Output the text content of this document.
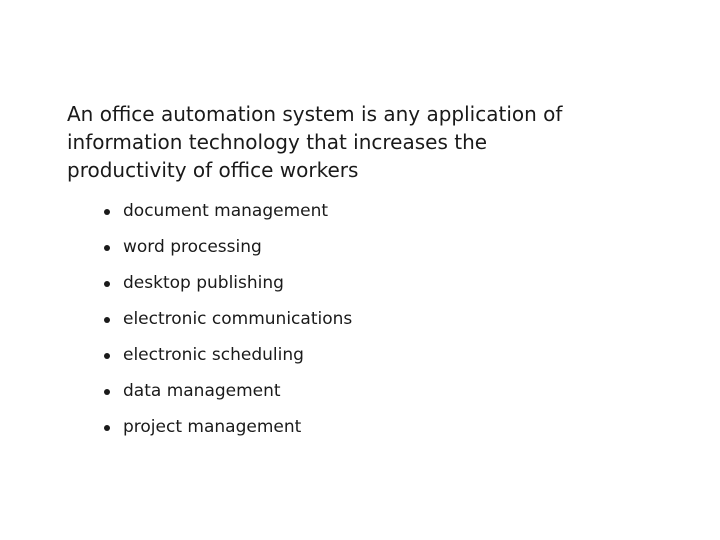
An office automation system is any application of
information technology that increases the
productivity of office workers

document management
word processing
desktop publishing
electronic communications
electronic scheduling
data management
project management
